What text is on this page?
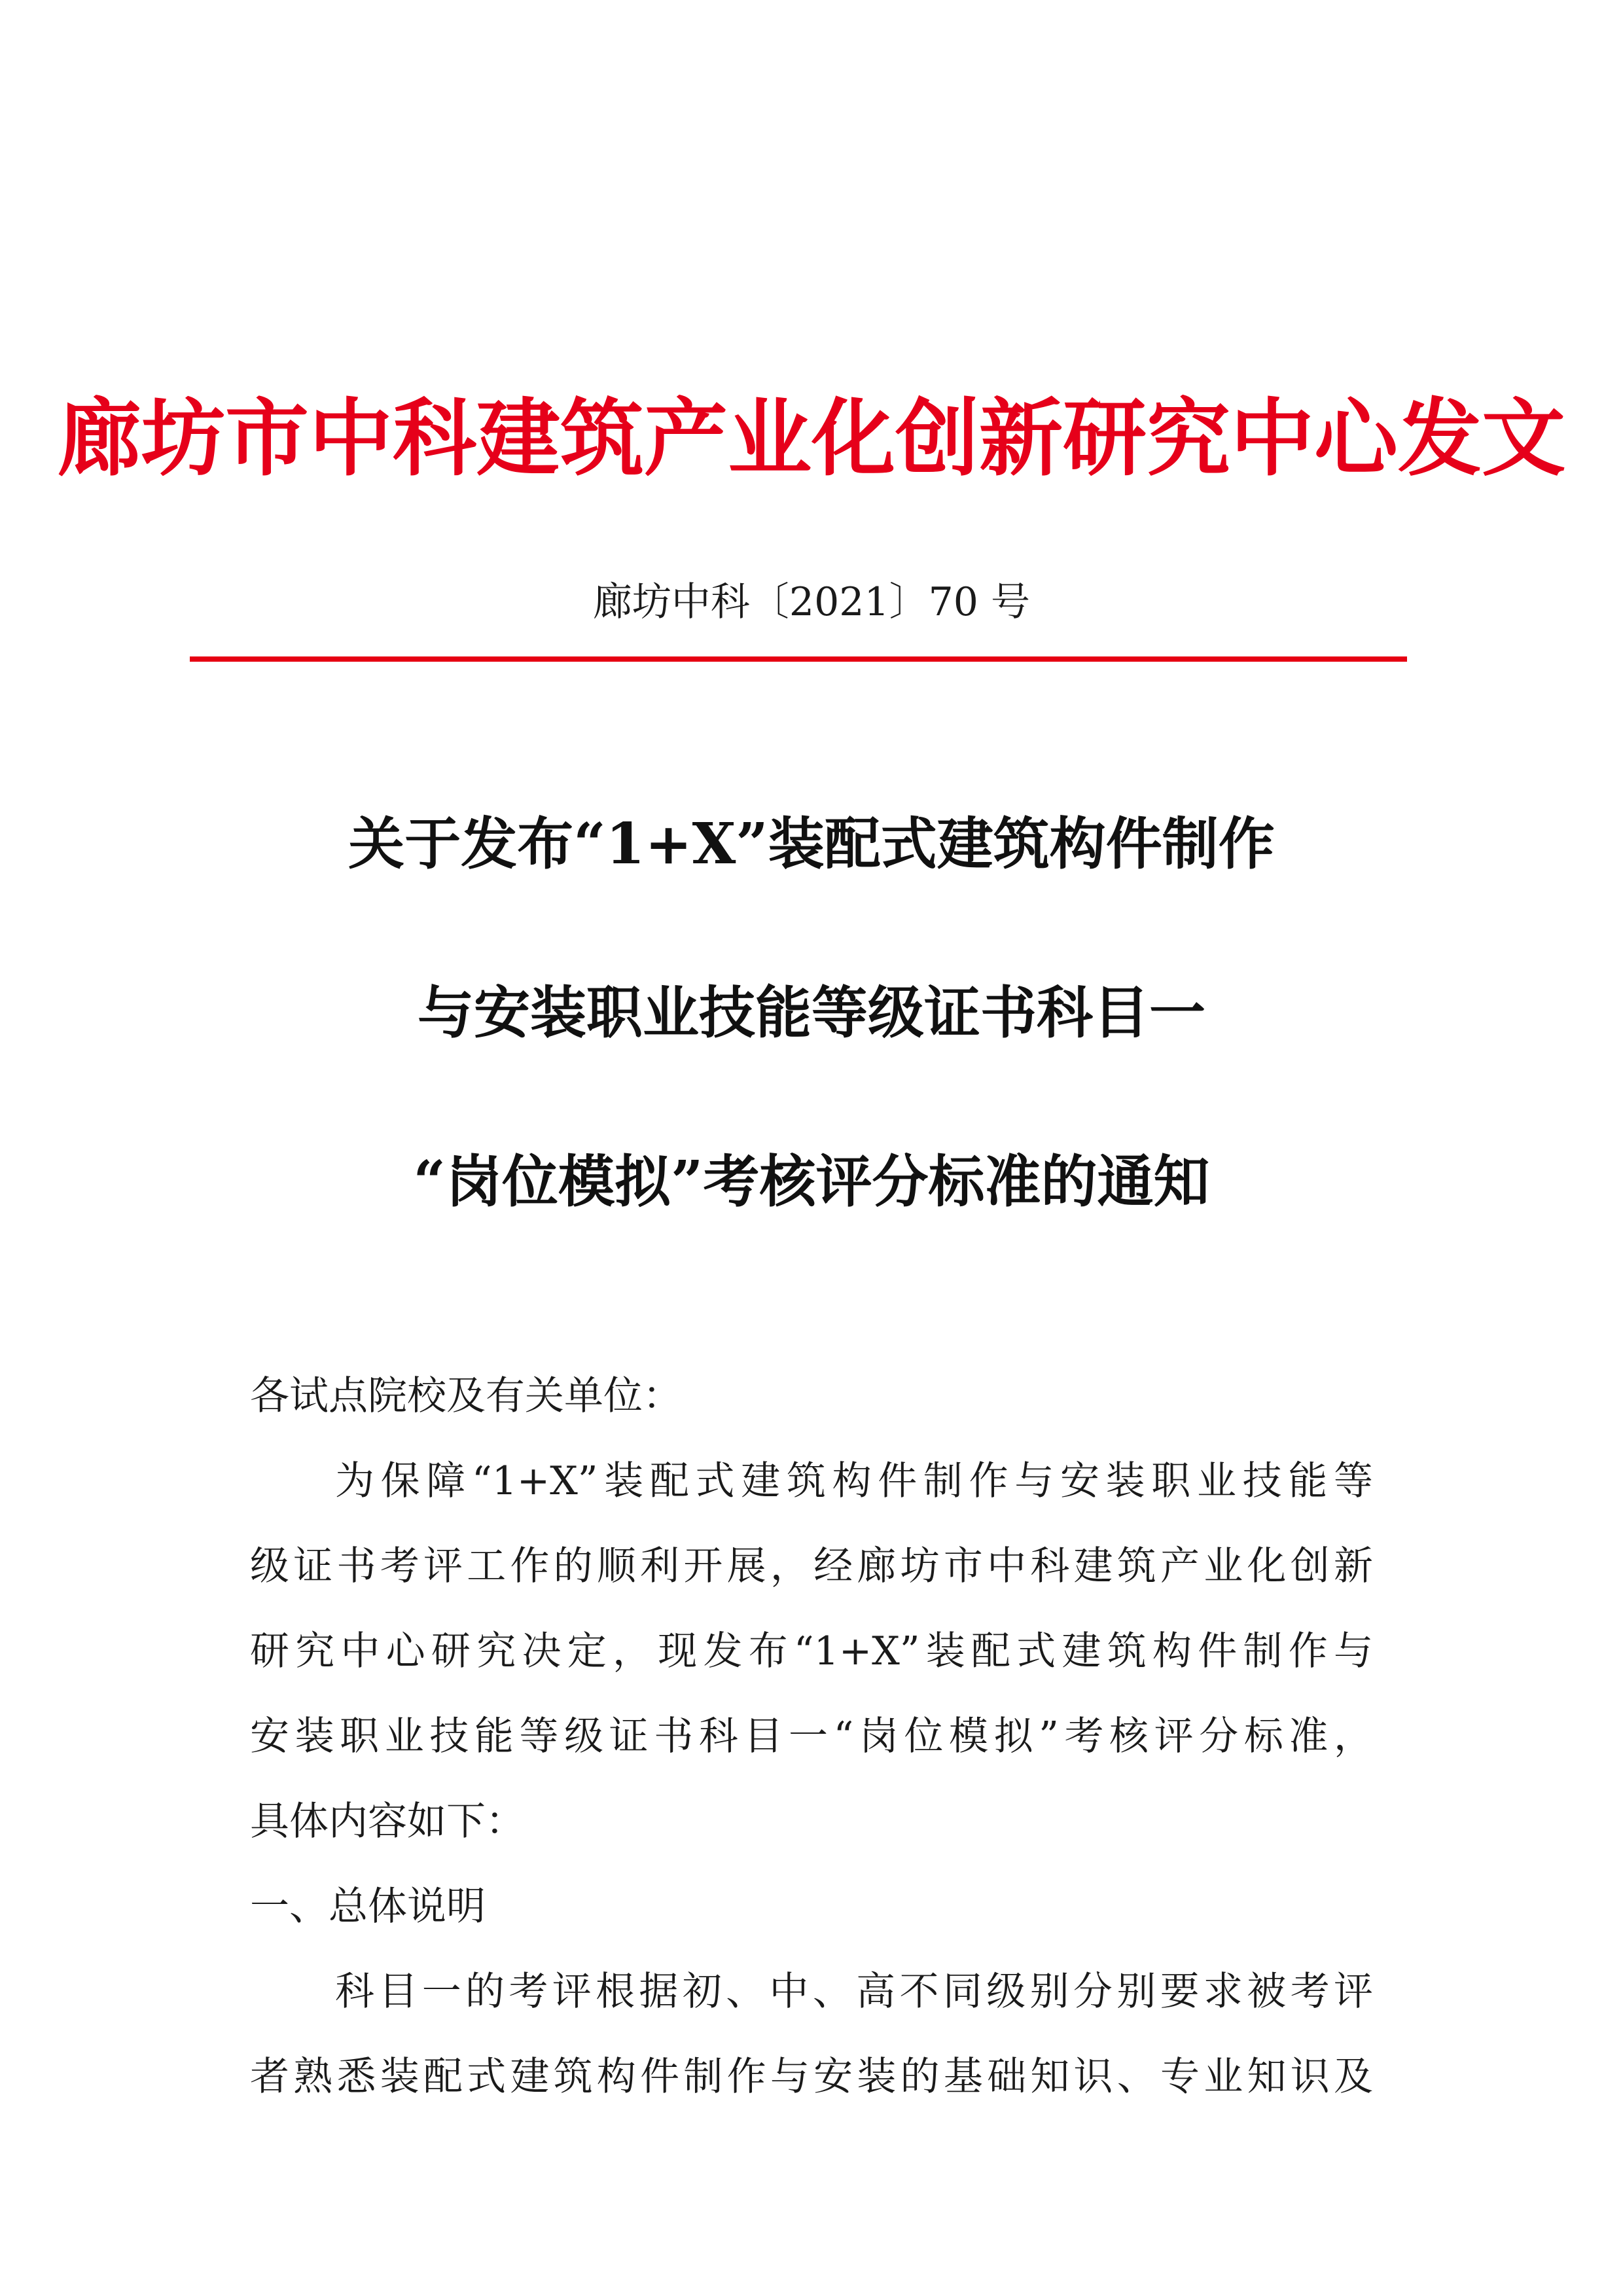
廊坊市中科建筑产业化创新研究中心发文
廊坊中科〔2021〕70 号
关于发布“1+X”装配式建筑构件制作
与安装职业技能等级证书科目一
“岗位模拟”考核评分标准的通知
各试点院校及有关单位：
为保障“1+X”装配式建筑构件制作与安装职业技能等
级证书考评工作的顺利开展，经廊坊市中科建筑产业化创新
研究中心研究决定，现发布“1+X”装配式建筑构件制作与
安装职业技能等级证书科目一“岗位模拟”考核评分标准，
具体内容如下：
一、总体说明
科目一的考评根据初、中、高不同级别分别要求被考评
者熟悉装配式建筑构件制作与安装的基础知识、专业知识及
